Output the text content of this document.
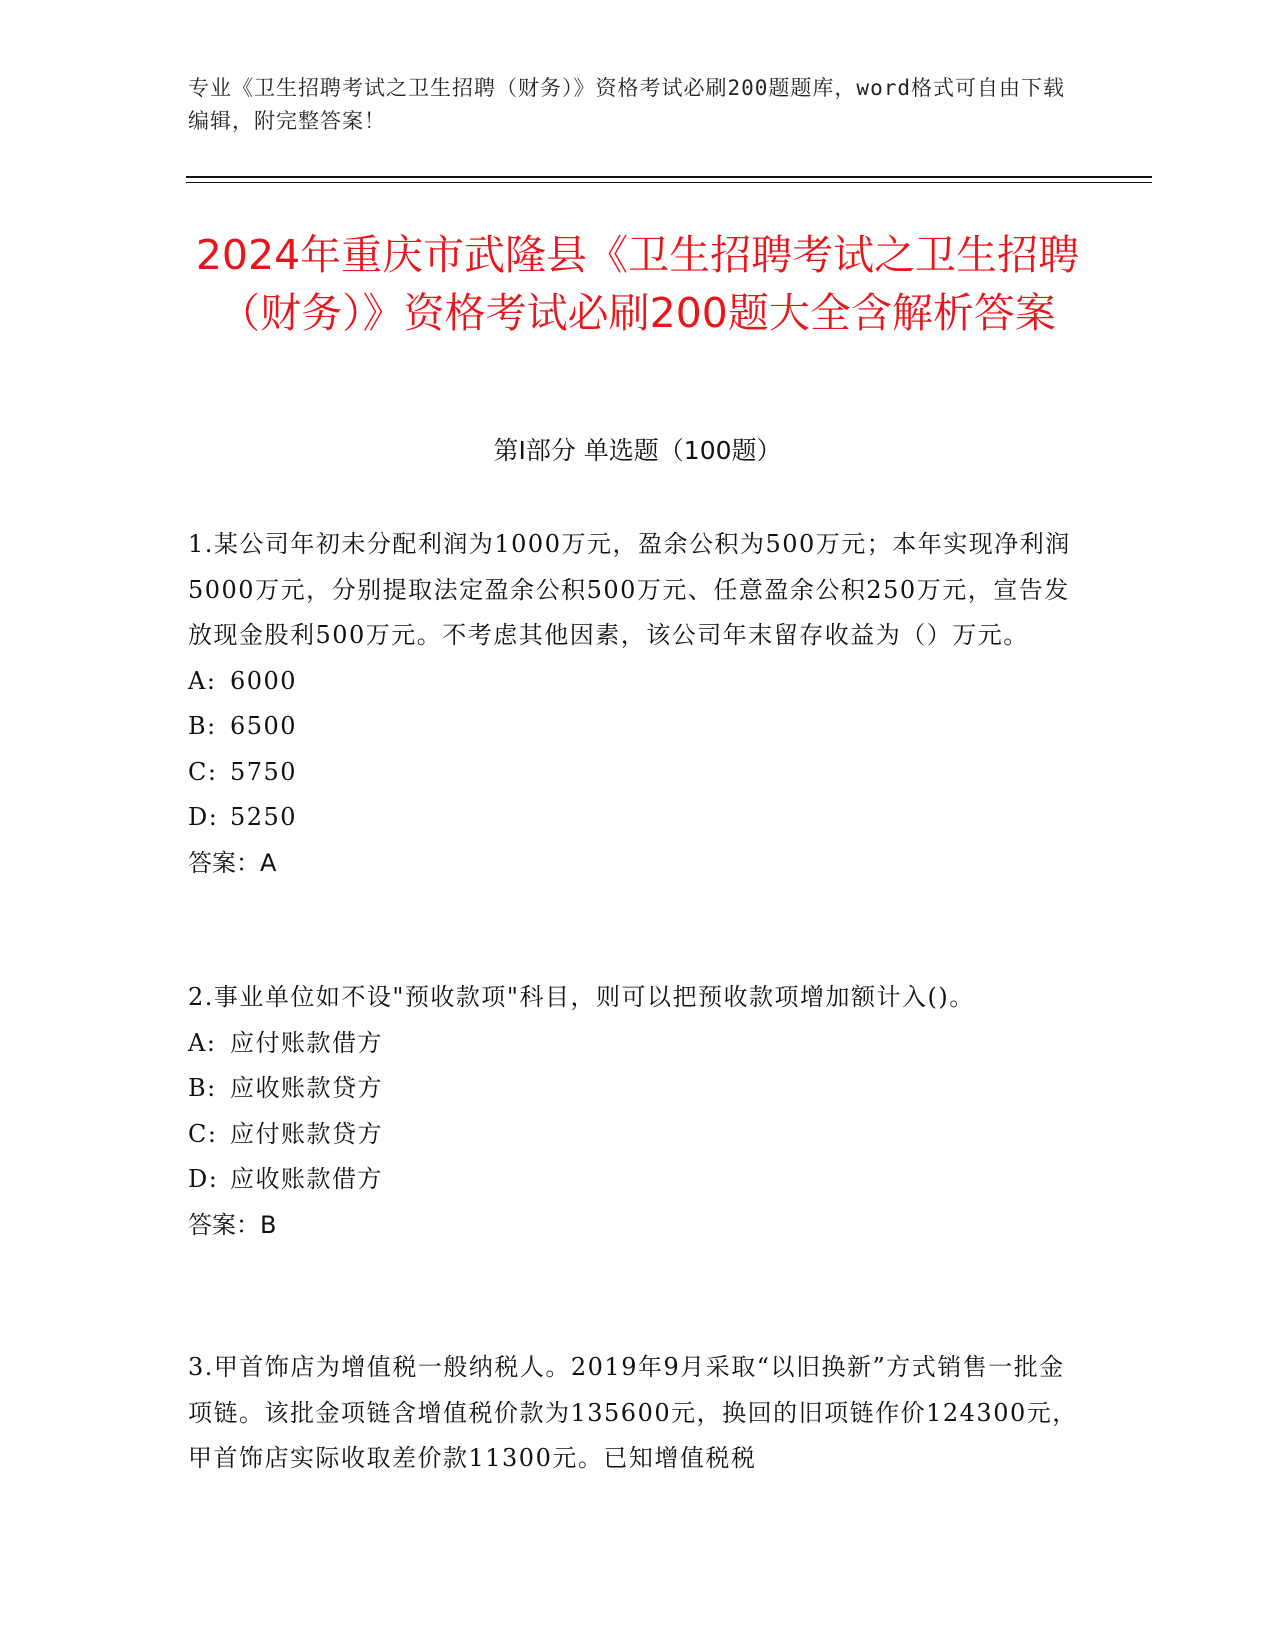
专业《卫生招聘考试之卫生招聘（财务）》资格考试必刷200题题库，word格式可自由下载编辑，附完整答案！
2024年重庆市武隆县《卫生招聘考试之卫生招聘（财务）》资格考试必刷200题大全含解析答案
第Ⅰ部分 单选题（100题）

1.某公司年初未分配利润为1000万元，盈余公积为500万元；本年实现净利润5000万元，分别提取法定盈余公积500万元、任意盈余公积250万元，宣告发放现金股利500万元。不考虑其他因素，该公司年末留存收益为（）万元。

A: 6000
B: 6500
C: 5750
D: 5250
答案：A

2.事业单位如不设"预收款项"科目，则可以把预收款项增加额计入()。

A: 应付账款借方
B: 应收账款贷方
C: 应付账款贷方
D: 应收账款借方
答案：B

3.甲首饰店为增值税一般纳税人。2019年9月采取“以旧换新”方式销售一批金项链。该批金项链含增值税价款为135600元，换回的旧项链作价124300元，甲首饰店实际收取差价款11300元。已知增值税税
